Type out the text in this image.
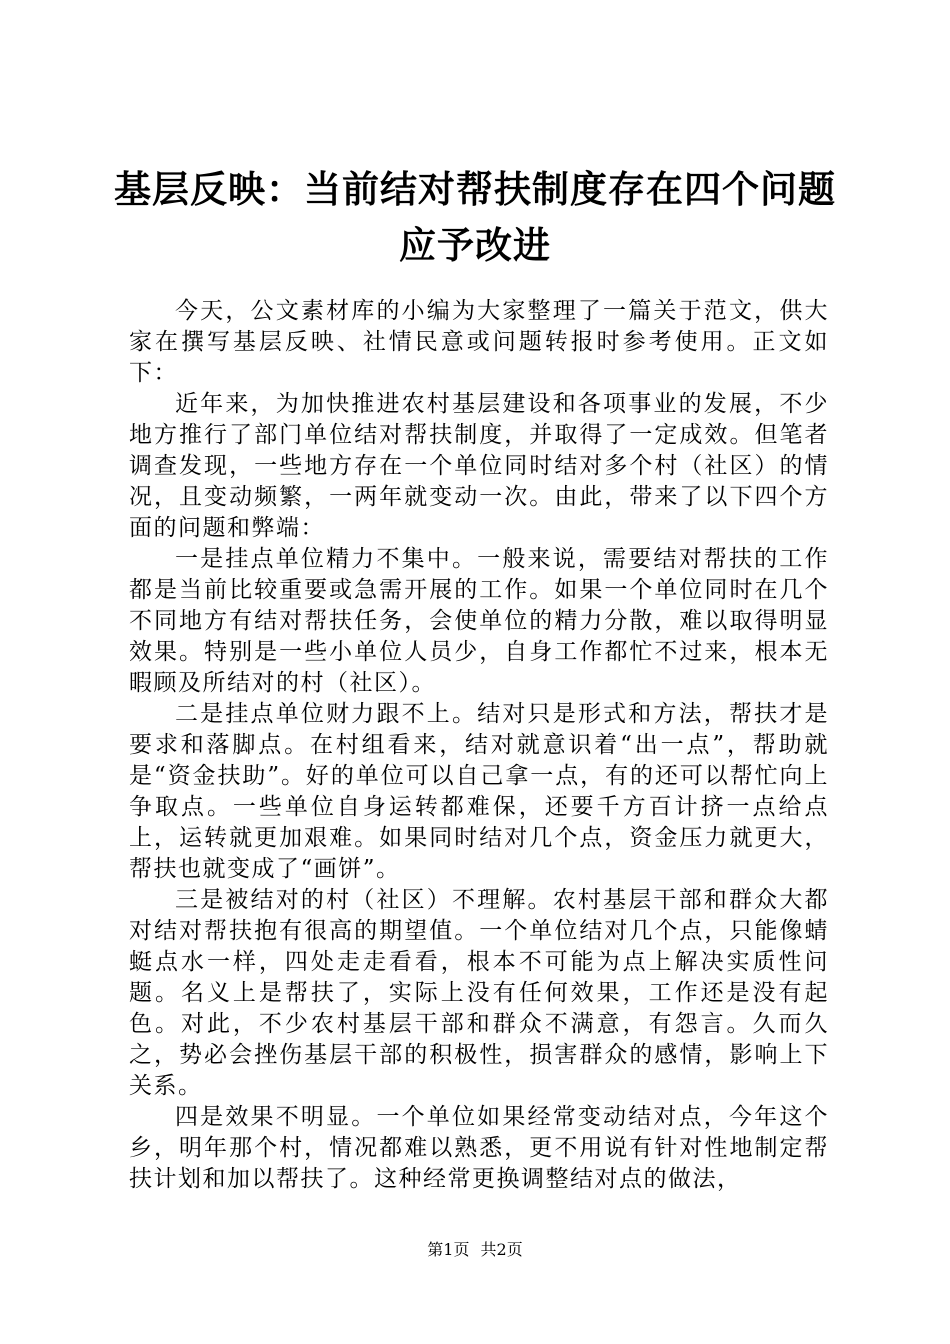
基层反映：当前结对帮扶制度存在四个问题应予改进

今天，公文素材库的小编为大家整理了一篇关于范文，供大家在撰写基层反映、社情民意或问题转报时参考使用。正文如下：

近年来，为加快推进农村基层建设和各项事业的发展，不少地方推行了部门单位结对帮扶制度，并取得了一定成效。但笔者调查发现，一些地方存在一个单位同时结对多个村（社区）的情况，且变动频繁，一两年就变动一次。由此，带来了以下四个方面的问题和弊端：

一是挂点单位精力不集中。一般来说，需要结对帮扶的工作都是当前比较重要或急需开展的工作。如果一个单位同时在几个不同地方有结对帮扶任务，会使单位的精力分散，难以取得明显效果。特别是一些小单位人员少，自身工作都忙不过来，根本无暇顾及所结对的村（社区）。

二是挂点单位财力跟不上。结对只是形式和方法，帮扶才是要求和落脚点。在村组看来，结对就意识着“出一点”，帮助就是“资金扶助”。好的单位可以自己拿一点，有的还可以帮忙向上争取点。一些单位自身运转都难保，还要千方百计挤一点给点上，运转就更加艰难。如果同时结对几个点，资金压力就更大，帮扶也就变成了“画饼”。

三是被结对的村（社区）不理解。农村基层干部和群众大都对结对帮扶抱有很高的期望值。一个单位结对几个点，只能像蜻蜓点水一样，四处走走看看，根本不可能为点上解决实质性问题。名义上是帮扶了，实际上没有任何效果，工作还是没有起色。对此，不少农村基层干部和群众不满意，有怨言。久而久之，势必会挫伤基层干部的积极性，损害群众的感情，影响上下关系。

四是效果不明显。一个单位如果经常变动结对点，今年这个乡，明年那个村，情况都难以熟悉，更不用说有针对性地制定帮扶计划和加以帮扶了。这种经常更换调整结对点的做法，

第1页 共2页
